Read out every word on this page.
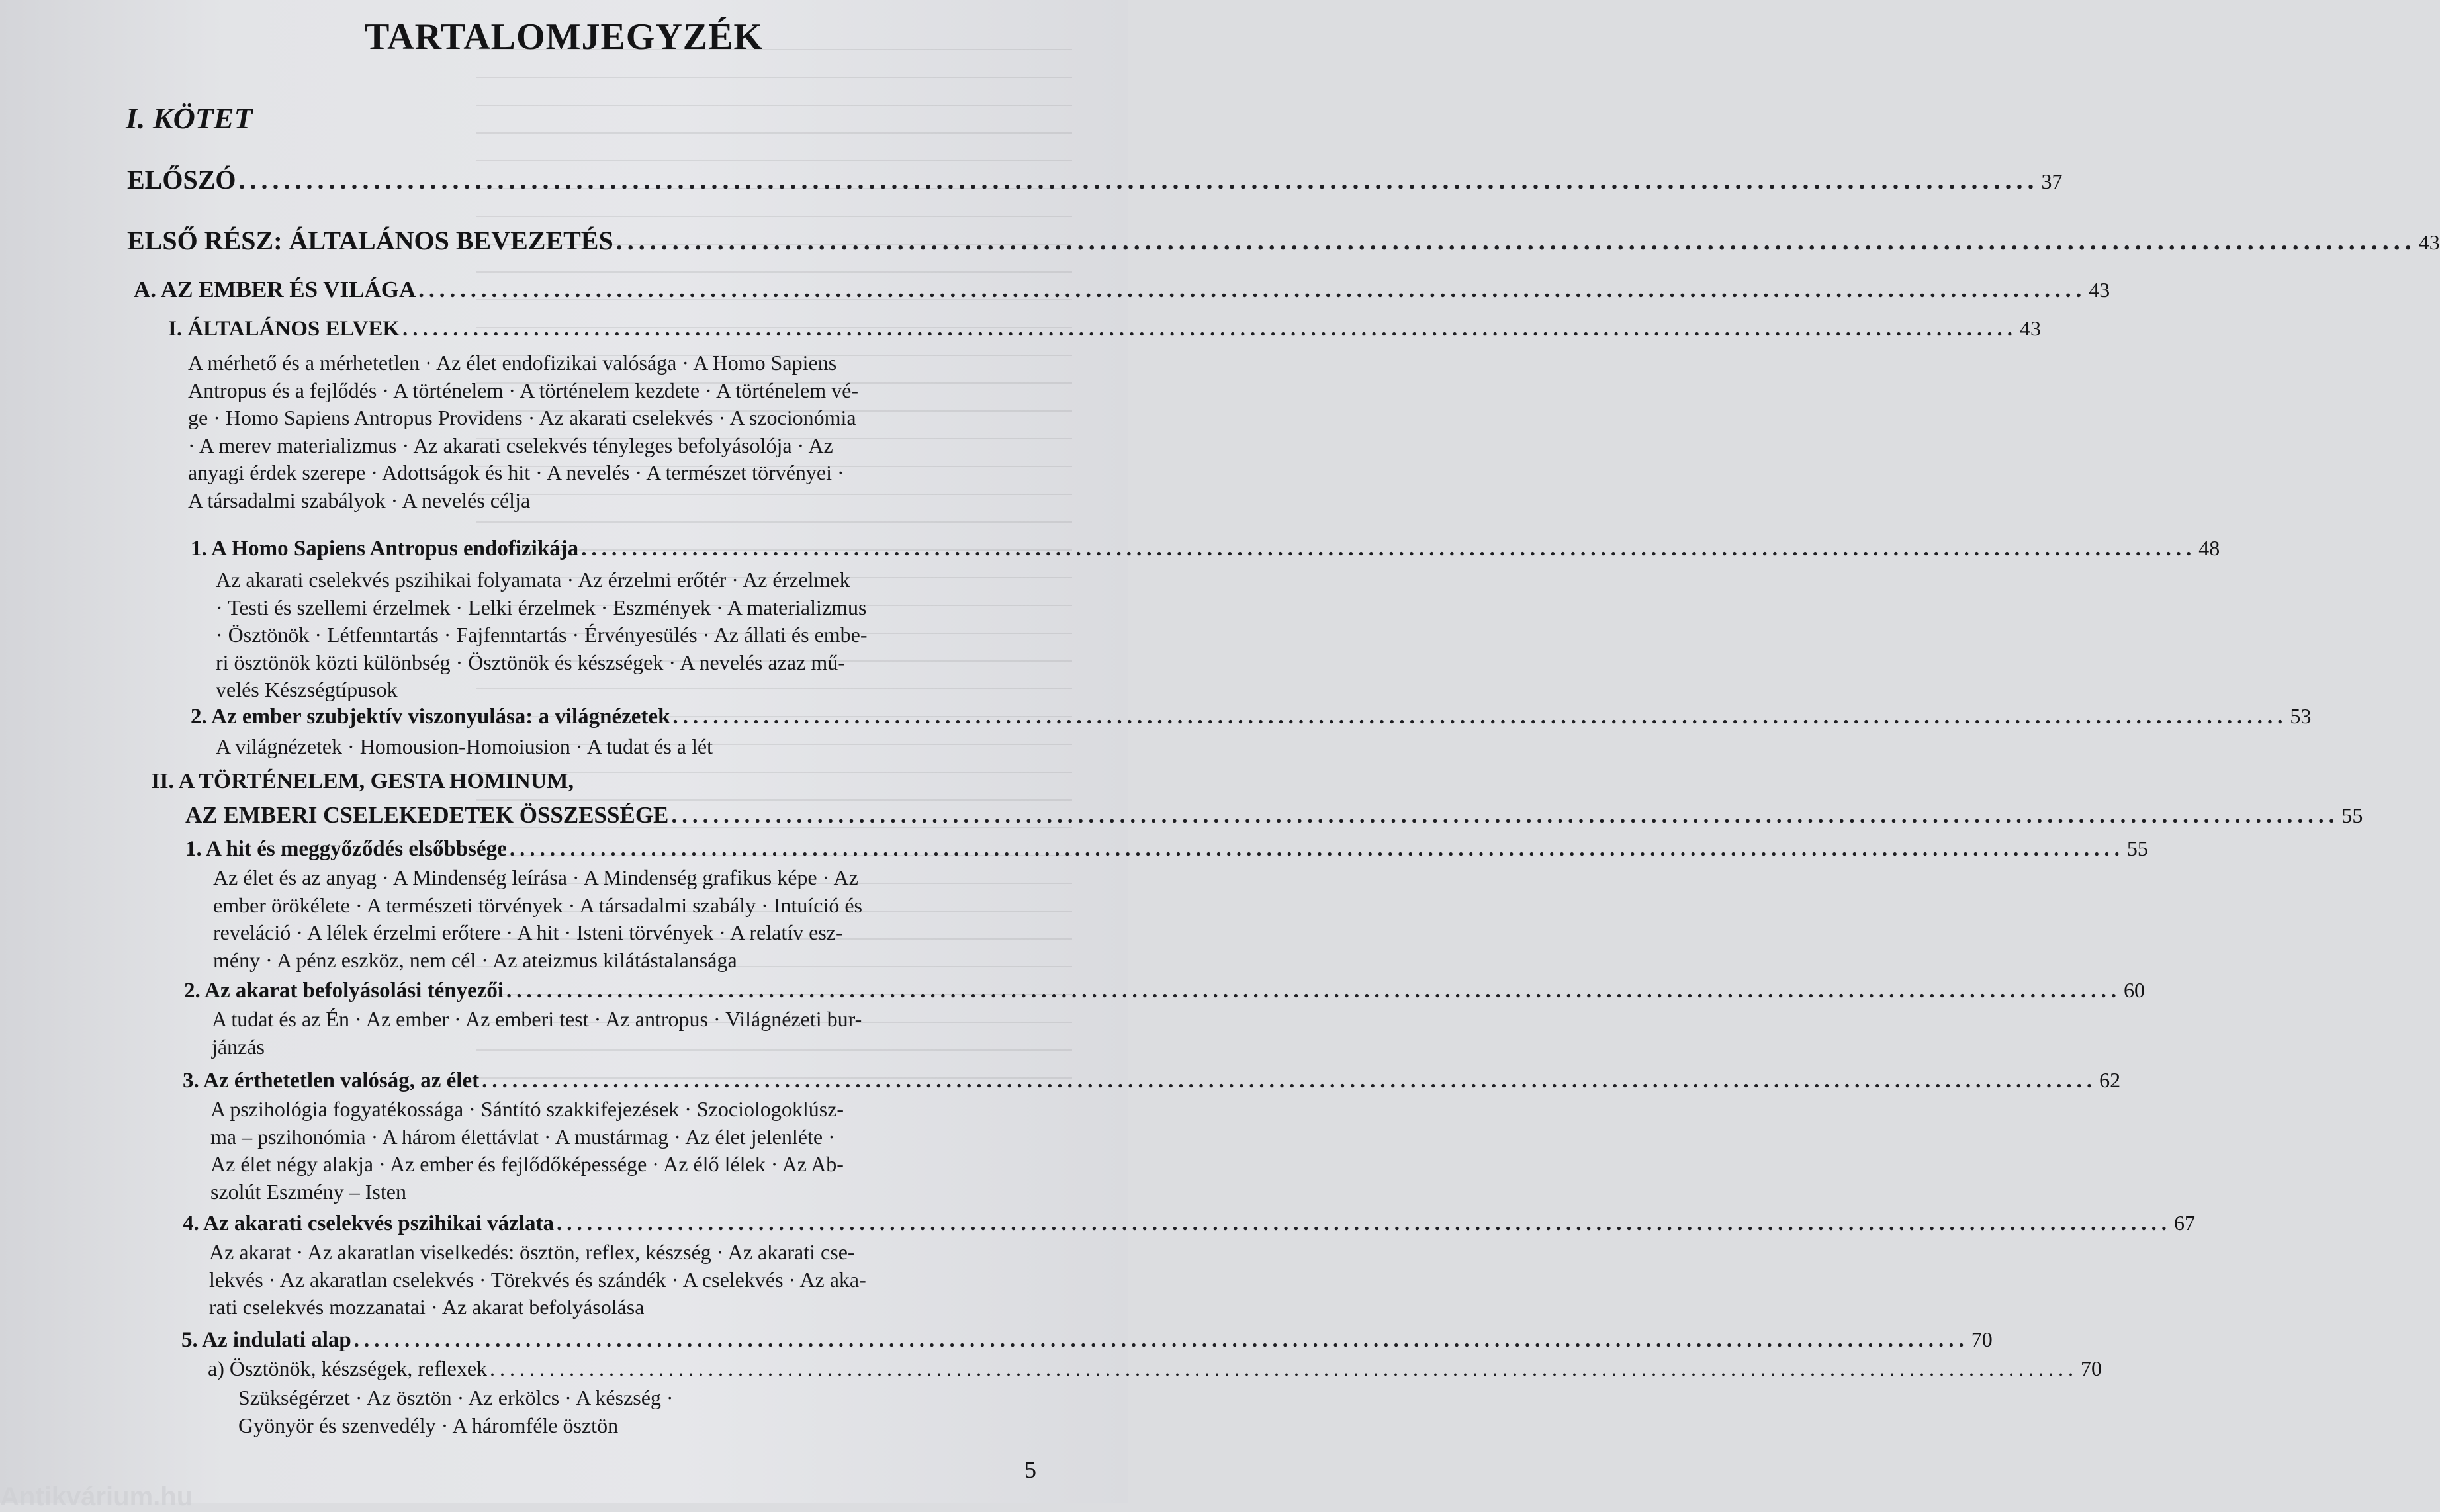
TARTALOMJEGYZÉK
I. KÖTET
ELŐSZÓ ................................................................................................................................................................ 37
ELSŐ RÉSZ: ÁLTALÁNOS BEVEZETÉS ................................................................................................................................................................ 43
A. AZ EMBER ÉS VILÁGA ................................................................................................................................................................ 43
I. ÁLTALÁNOS ELVEK ................................................................................................................................................................ 43
A mérhető és a mérhetetlen · Az élet endofizikai valósága · A Homo Sapiens
Antropus és a fejlődés · A történelem · A történelem kezdete · A történelem vé-
ge · Homo Sapiens Antropus Providens · Az akarati cselekvés · A szocionómia
· A merev materializmus · Az akarati cselekvés tényleges befolyásolója · Az
anyagi érdek szerepe · Adottságok és hit · A nevelés · A természet törvényei ·
A társadalmi szabályok · A nevelés célja
1. A Homo Sapiens Antropus endofizikája ................................................................................................................................................................ 48
Az akarati cselekvés pszihikai folyamata · Az érzelmi erőtér · Az érzelmek
· Testi és szellemi érzelmek · Lelki érzelmek · Eszmények · A materializmus
· Ösztönök · Létfenntartás · Fajfenntartás · Érvényesülés · Az állati és embe-
ri ösztönök közti különbség · Ösztönök és készségek · A nevelés azaz mű-
velés Készségtípusok
2. Az ember szubjektív viszonyulása: a világnézetek ................................................................................................................................................................ 53
A világnézetek · Homousion-Homoiusion · A tudat és a lét
II. A TÖRTÉNELEM, GESTA HOMINUM,
AZ EMBERI CSELEKEDETEK ÖSSZESSÉGE ................................................................................................................................................................ 55
1. A hit és meggyőződés elsőbbsége ................................................................................................................................................................ 55
Az élet és az anyag · A Mindenség leírása · A Mindenség grafikus képe · Az
ember örökélete · A természeti törvények · A társadalmi szabály · Intuíció és
reveláció · A lélek érzelmi erőtere · A hit · Isteni törvények · A relatív esz-
mény · A pénz eszköz, nem cél · Az ateizmus kilátástalansága
2. Az akarat befolyásolási tényezői ................................................................................................................................................................ 60
A tudat és az Én · Az ember · Az emberi test · Az antropus · Világnézeti bur-
jánzás
3. Az érthetetlen valóság, az élet ................................................................................................................................................................ 62
A pszihológia fogyatékossága · Sántító szakkifejezések · Szociologoklúsz-
ma – pszihonómia · A három élettávlat · A mustármag · Az élet jelenléte ·
Az élet négy alakja · Az ember és fejlődőképessége · Az élő lélek · Az Ab-
szolút Eszmény – Isten
4. Az akarati cselekvés pszihikai vázlata ................................................................................................................................................................ 67
Az akarat · Az akaratlan viselkedés: ösztön, reflex, készség · Az akarati cse-
lekvés · Az akaratlan cselekvés · Törekvés és szándék · A cselekvés · Az aka-
rati cselekvés mozzanatai · Az akarat befolyásolása
5. Az indulati alap ................................................................................................................................................................ 70
a) Ösztönök, készségek, reflexek ................................................................................................................................................................ 70
Szükségérzet · Az ösztön · Az erkölcs · A készség ·
Gyönyör és szenvedély · A háromféle ösztön
5
Antikvárium.hu
